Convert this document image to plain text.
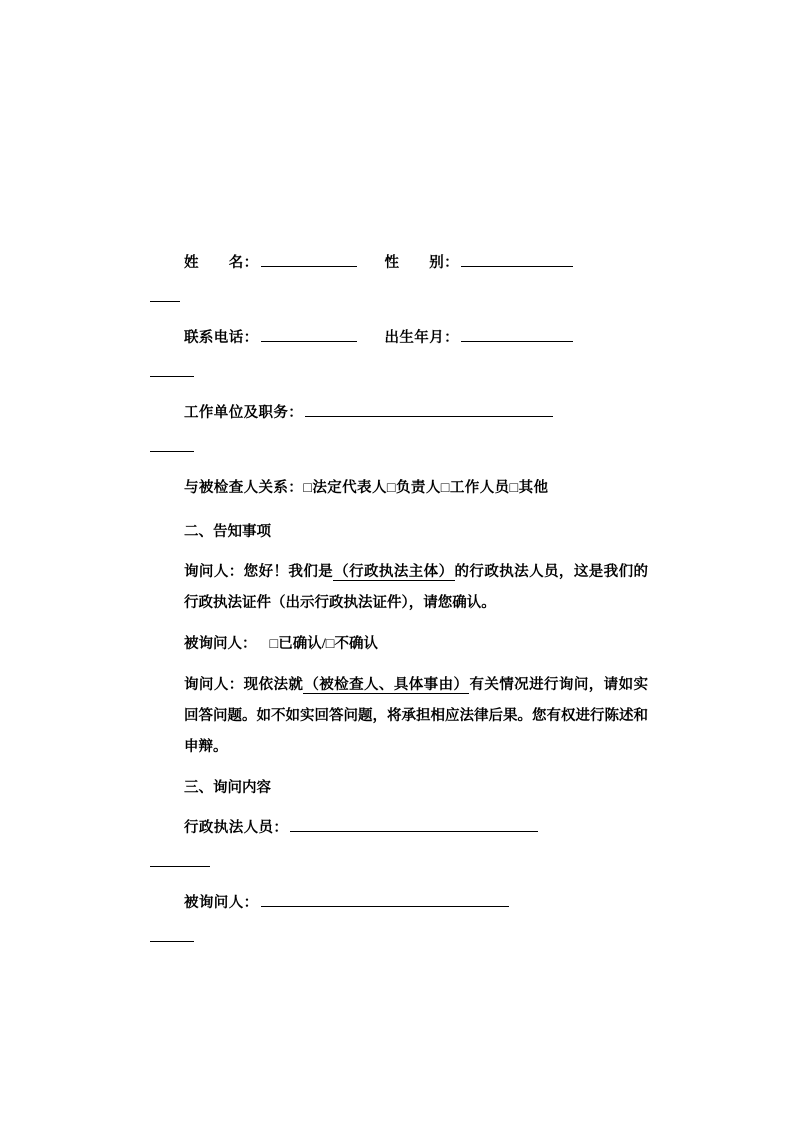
姓　　名：	性　　别：
联系电话：	出生年月：
工作单位及职务：
与被检查人关系：□法定代表人□负责人□工作人员□其他
二、告知事项
询问人：您好！我们是（行政执法主体）的行政执法人员，这是我们的行政执法证件（出示行政执法证件），请您确认。
被询问人： □已确认/□不确认
询问人：现依法就（被检查人、具体事由）有关情况进行询问，请如实回答问题。如不如实回答问题，将承担相应法律后果。您有权进行陈述和申辩。
三、询问内容
行政执法人员：
被询问人：
